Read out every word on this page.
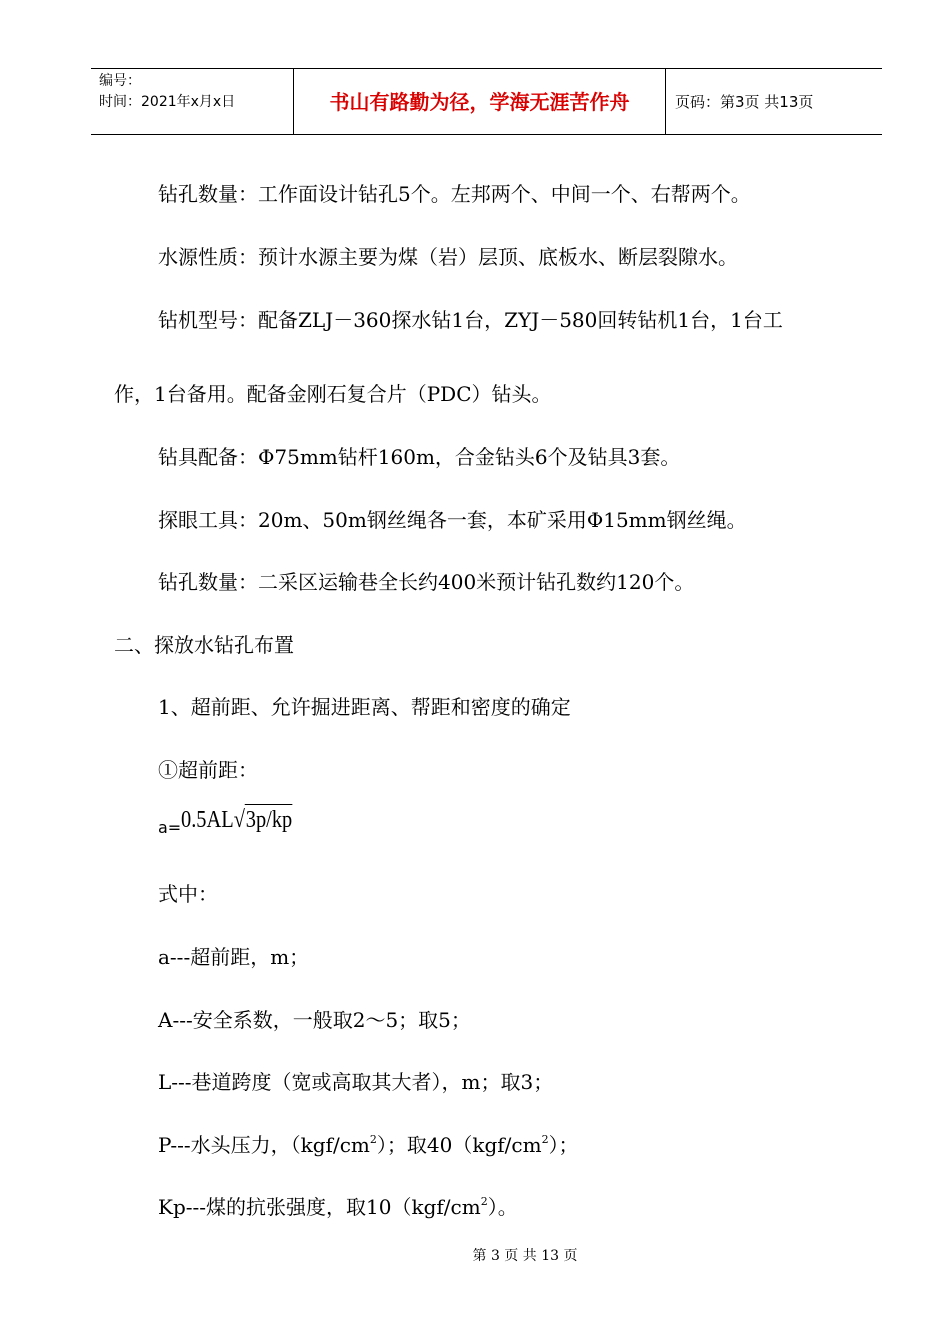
编号：
时间：2021年x月x日	书山有路勤为径，学海无涯苦作舟	页码：第3页 共13页
钻孔数量：工作面设计钻孔5个。左邦两个、中间一个、右帮两个。
水源性质：预计水源主要为煤（岩）层顶、底板水、断层裂隙水。
钻机型号：配备ZLJ－360探水钻1台，ZYJ－580回转钻机1台，1台工
作，1台备用。配备金刚石复合片（PDC）钻头。
钻具配备：Φ75mm钻杆160m，合金钻头6个及钻具3套。
探眼工具：20m、50m钢丝绳各一套，本矿采用Φ15mm钢丝绳。
钻孔数量：二采区运输巷全长约400米预计钻孔数约120个。
二、探放水钻孔布置
1、超前距、允许掘进距离、帮距和密度的确定
①超前距：
$_{a=}$0.5AL√3p/kp
式中：
a---超前距，m；
A---安全系数，一般取2～5；取5；
L---巷道跨度（宽或高取其大者），m；取3；
P---水头压力，$(kgf/cm^2)$；取$40(kgf/cm^2)$；
Kp---煤的抗张强度，取$10(kgf/cm^2)$。
第 3 页 共 13 页
